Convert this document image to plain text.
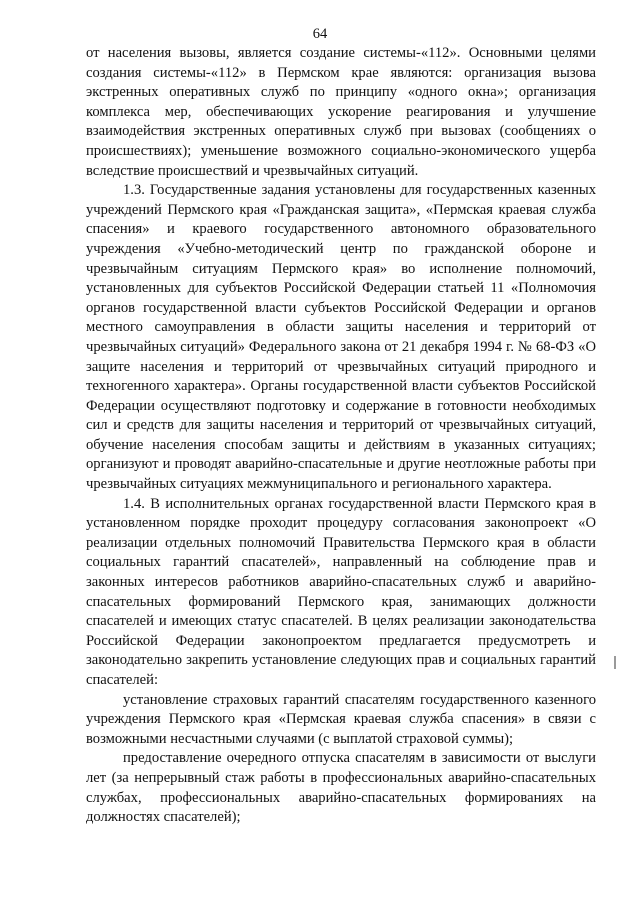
64

от населения вызовы, является создание системы-«112». Основными целями создания системы-«112» в Пермском крае являются: организация вызова экстренных оперативных служб по принципу «одного окна»; организация комплекса мер, обеспечивающих ускорение реагирования и улучшение взаимодействия экстренных оперативных служб при вызовах (сообщениях о происшествиях); уменьшение возможного социально-экономического ущерба вследствие происшествий и чрезвычайных ситуаций.

1.3. Государственные задания установлены для государственных казенных учреждений Пермского края «Гражданская защита», «Пермская краевая служба спасения» и краевого государственного автономного образовательного учреждения «Учебно-методический центр по гражданской обороне и чрезвычайным ситуациям Пермского края» во исполнение полномочий, установленных для субъектов Российской Федерации статьей 11 «Полномочия органов государственной власти субъектов Российской Федерации и органов местного самоуправления в области защиты населения и территорий от чрезвычайных ситуаций» Федерального закона от 21 декабря 1994 г. № 68-ФЗ «О защите населения и территорий от чрезвычайных ситуаций природного и техногенного характера». Органы государственной власти субъектов Российской Федерации осуществляют подготовку и содержание в готовности необходимых сил и средств для защиты населения и территорий от чрезвычайных ситуаций, обучение населения способам защиты и действиям в указанных ситуациях; организуют и проводят аварийно-спасательные и другие неотложные работы при чрезвычайных ситуациях межмуниципального и регионального характера.

1.4. В исполнительных органах государственной власти Пермского края в установленном порядке проходит процедуру согласования законопроект «О реализации отдельных полномочий Правительства Пермского края в области социальных гарантий спасателей», направленный на соблюдение прав и законных интересов работников аварийно-спасательных служб и аварийно-спасательных формирований Пермского края, занимающих должности спасателей и имеющих статус спасателей. В целях реализации законодательства Российской Федерации законопроектом предлагается предусмотреть и законодательно закрепить установление следующих прав и социальных гарантий спасателей:

установление страховых гарантий спасателям государственного казенного учреждения Пермского края «Пермская краевая служба спасения» в связи с возможными несчастными случаями (с выплатой страховой суммы);

предоставление очередного отпуска спасателям в зависимости от выслуги лет (за непрерывный стаж работы в профессиональных аварийно-спасательных службах, профессиональных аварийно-спасательных формированиях на должностях спасателей);
